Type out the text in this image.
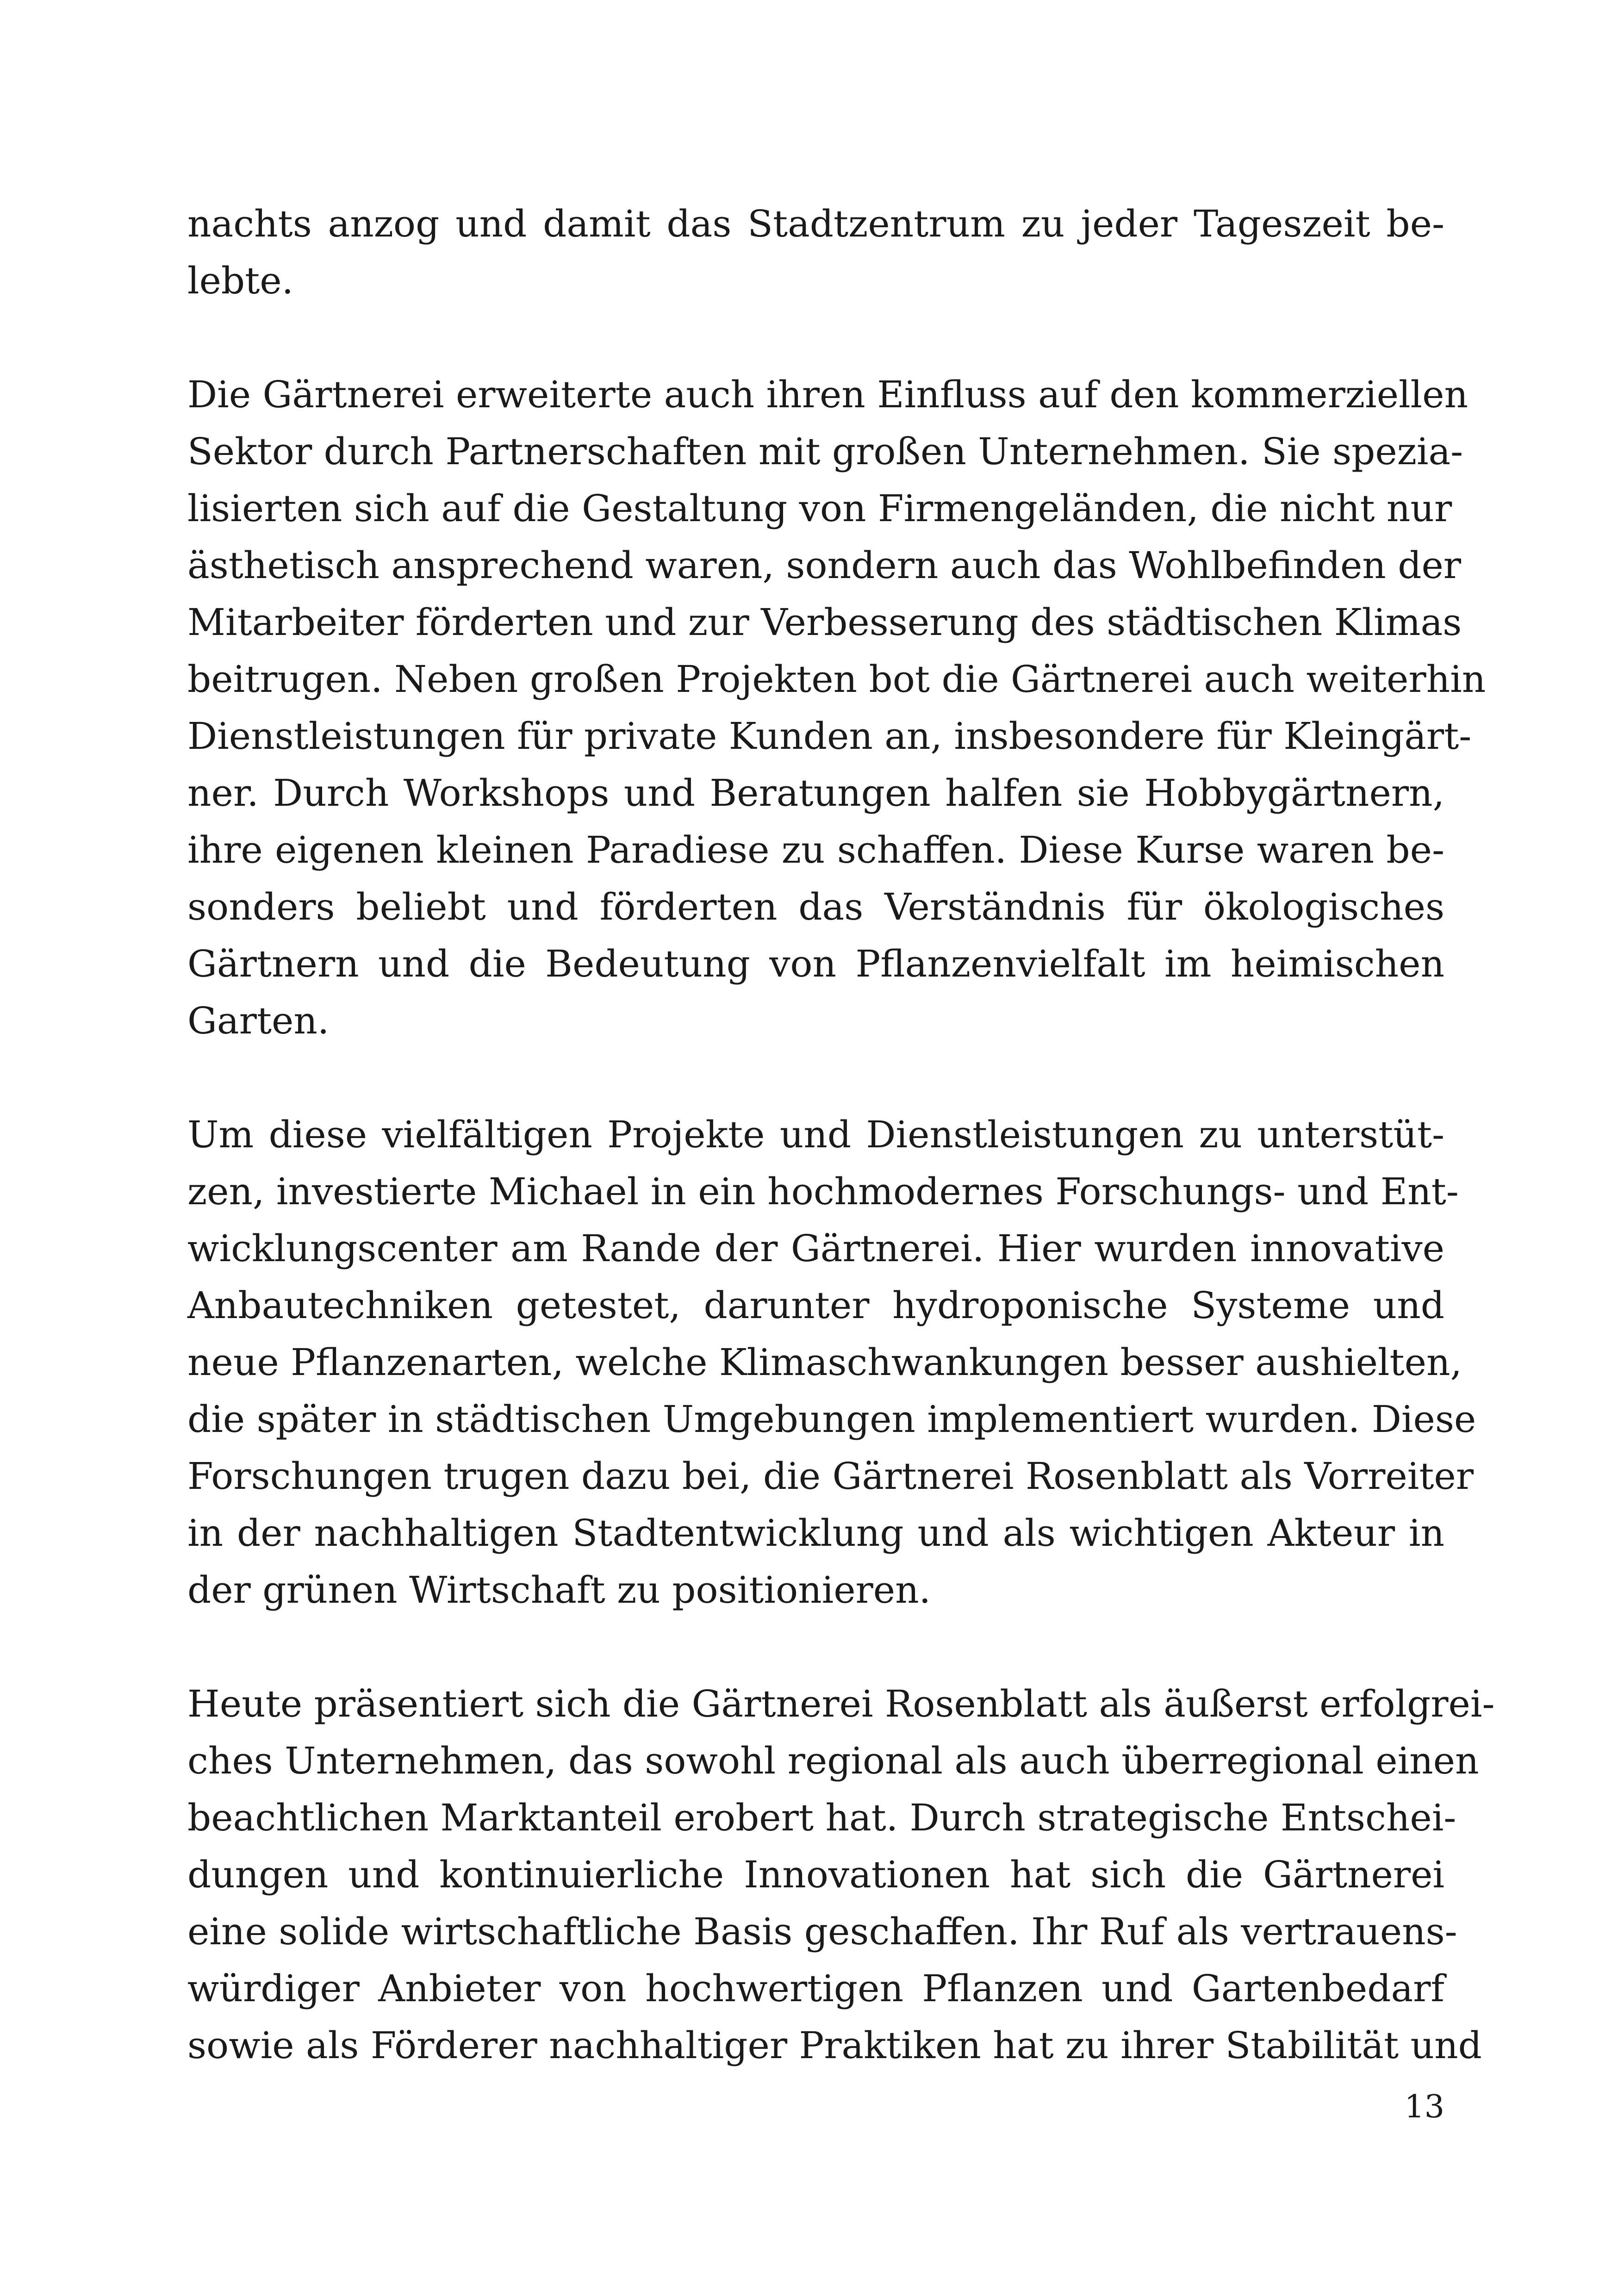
nachts anzog und damit das Stadtzentrum zu jeder Tageszeit be-
lebte.
Die Gärtnerei erweiterte auch ihren Einfluss auf den kommerziellen
Sektor durch Partnerschaften mit großen Unternehmen. Sie spezia-
lisierten sich auf die Gestaltung von Firmengeländen, die nicht nur
ästhetisch ansprechend waren, sondern auch das Wohlbefinden der
Mitarbeiter förderten und zur Verbesserung des städtischen Klimas
beitrugen. Neben großen Projekten bot die Gärtnerei auch weiterhin
Dienstleistungen für private Kunden an, insbesondere für Kleingärt-
ner. Durch Workshops und Beratungen halfen sie Hobbygärtnern,
ihre eigenen kleinen Paradiese zu schaffen. Diese Kurse waren be-
sonders beliebt und förderten das Verständnis für ökologisches
Gärtnern und die Bedeutung von Pflanzenvielfalt im heimischen
Garten.
Um diese vielfältigen Projekte und Dienstleistungen zu unterstüt-
zen, investierte Michael in ein hochmodernes Forschungs- und Ent-
wicklungscenter am Rande der Gärtnerei. Hier wurden innovative
Anbautechniken getestet, darunter hydroponische Systeme und
neue Pflanzenarten, welche Klimaschwankungen besser aushielten,
die später in städtischen Umgebungen implementiert wurden. Diese
Forschungen trugen dazu bei, die Gärtnerei Rosenblatt als Vorreiter
in der nachhaltigen Stadtentwicklung und als wichtigen Akteur in
der grünen Wirtschaft zu positionieren.
Heute präsentiert sich die Gärtnerei Rosenblatt als äußerst erfolgrei-
ches Unternehmen, das sowohl regional als auch überregional einen
beachtlichen Marktanteil erobert hat. Durch strategische Entschei-
dungen und kontinuierliche Innovationen hat sich die Gärtnerei
eine solide wirtschaftliche Basis geschaffen. Ihr Ruf als vertrauens-
würdiger Anbieter von hochwertigen Pflanzen und Gartenbedarf
sowie als Förderer nachhaltiger Praktiken hat zu ihrer Stabilität und
13
